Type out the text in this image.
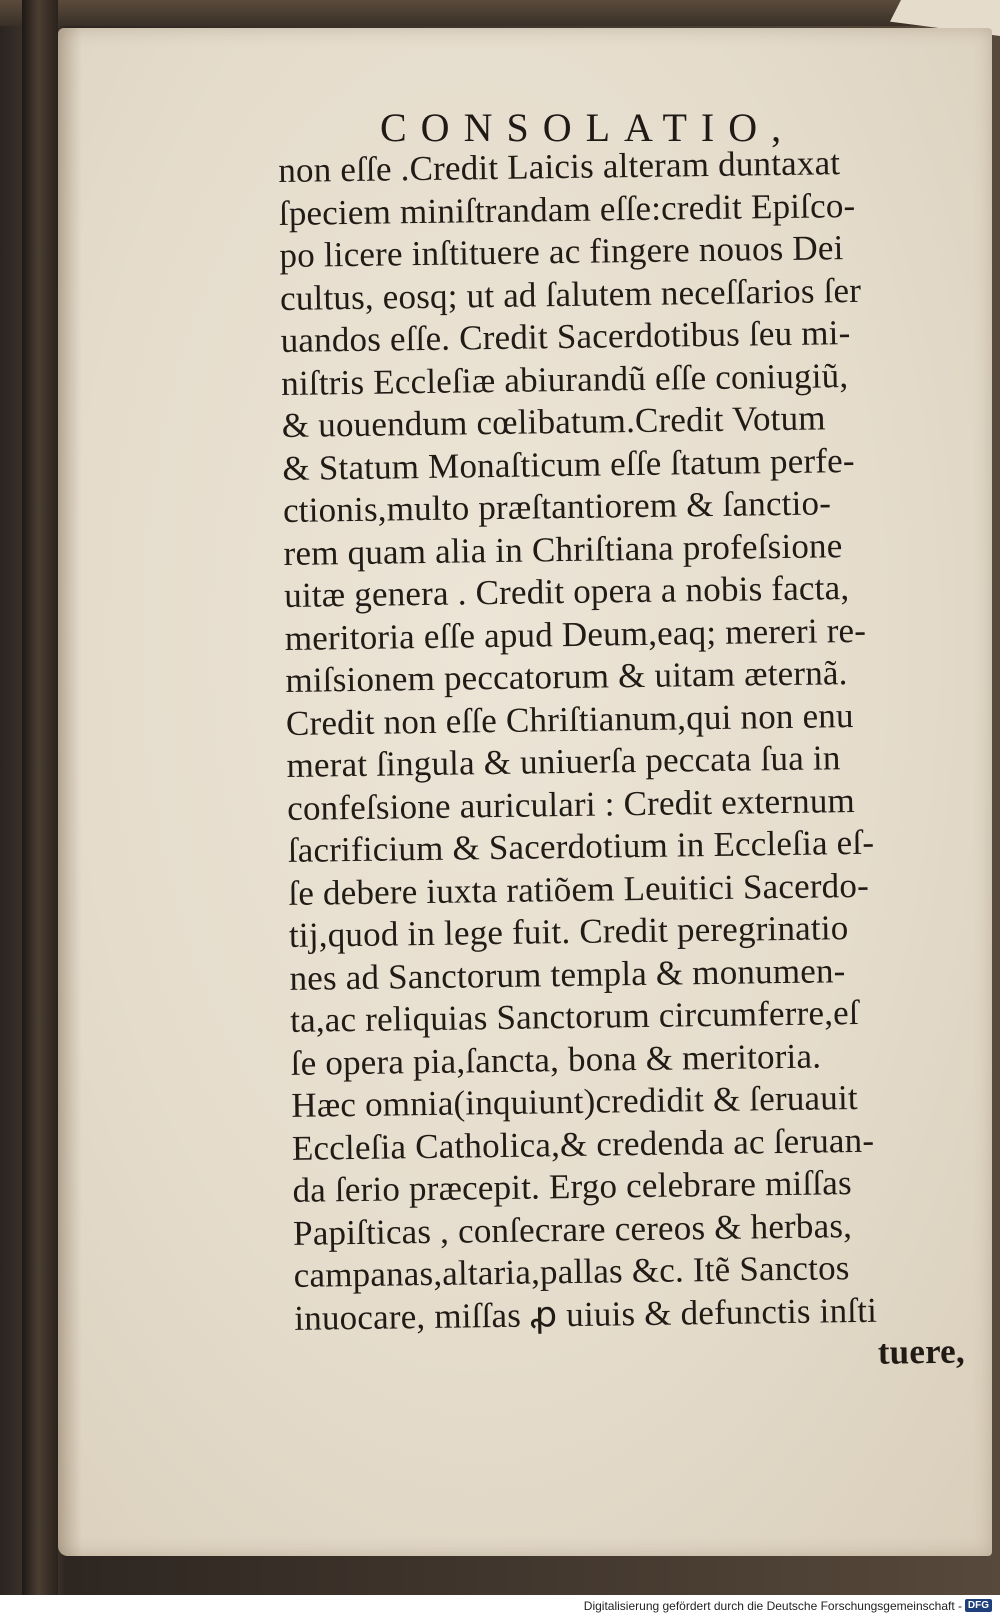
CONSOLATIO,
non eſſe .Credit Laicis alteram duntaxat
ſpeciem miniſtrandam eſſe:credit Epiſco-
po licere inſtituere ac fingere nouos Dei
cultus, eosq; ut ad ſalutem neceſſarios ſer
uandos eſſe. Credit Sacerdotibus ſeu mi-
niſtris Eccleſiæ abiurandũ eſſe coniugiũ,
& uouendum cœlibatum.Credit Votum
& Statum Monaſticum eſſe ſtatum perfe-
ctionis,multo præſtantiorem & ſanctio-
rem quam alia in Chriſtiana profeſsione
uitæ genera . Credit opera a nobis facta,
meritoria eſſe apud Deum,eaq; mereri re-
miſsionem peccatorum & uitam æternã.
Credit non eſſe Chriſtianum,qui non enu
merat ſingula & uniuerſa peccata ſua in
confeſsione auriculari : Credit externum
ſacrificium & Sacerdotium in Eccleſia eſ-
ſe debere iuxta ratiõem Leuitici Sacerdo-
tij,quod in lege fuit. Credit peregrinatio
nes ad Sanctorum templa & monumen-
ta,ac reliquias Sanctorum circumferre,eſ
ſe opera pia,ſancta, bona & meritoria.
Hæc omnia(inquiunt)credidit & ſeruauit
Eccleſia Catholica,& credenda ac ſeruan-
da ſerio præcepit. Ergo celebrare miſſas
Papiſticas , conſecrare cereos & herbas,
campanas,altaria,pallas &c. Itẽ Sanctos
inuocare, miſſas ꝓ uiuis & defunctis inſti
tuere,
Digitalisierung gefördert durch die Deutsche Forschungsgemeinschaft - DFG
